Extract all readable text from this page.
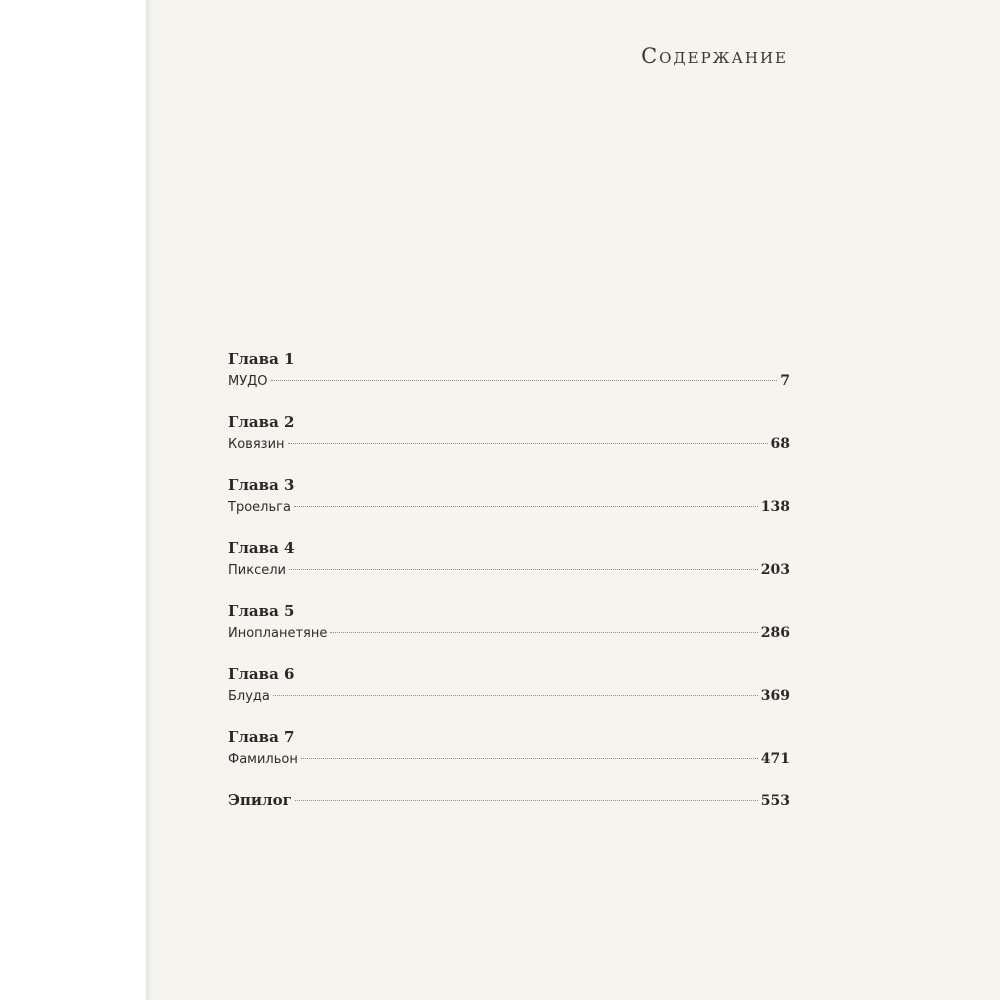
Содержание
Глава 1
МУДО	7
Глава 2
Ковязин	68
Глава 3
Троельга	138
Глава 4
Пиксели	203
Глава 5
Инопланетяне	286
Глава 6
Блуда	369
Глава 7
Фамильон	471
Эпилог	553
